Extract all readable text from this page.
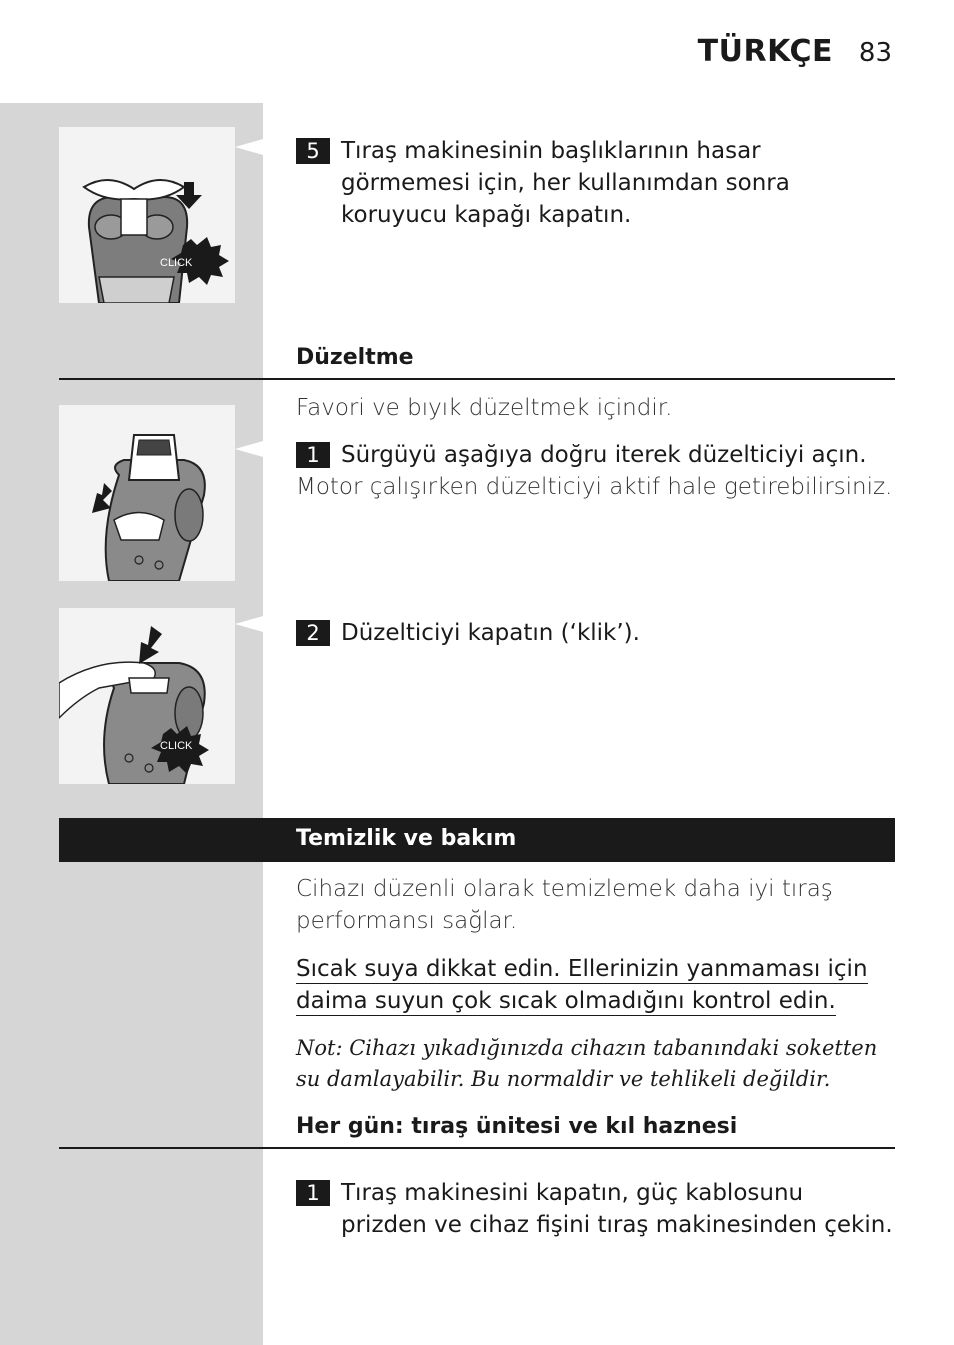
TÜRKÇE 83
CLICK
5 Tıraş makinesinin başlıklarının hasar görmemesi için, her kullanımdan sonra koruyucu kapağı kapatın.
Düzeltme
Favori ve bıyık düzeltmek içindir.
1 Sürgüyü aşağıya doğru iterek düzelticiyi açın.
Motor çalışırken düzelticiyi aktif hale getirebilirsiniz.
CLICK
2 Düzelticiyi kapatın (‘klik’).
Temizlik ve bakım
Cihazı düzenli olarak temizlemek daha iyi tıraş
performansı sağlar.
Sıcak suya dikkat edin. Ellerinizin yanmaması için
daima suyun çok sıcak olmadığını kontrol edin.
Not: Cihazı yıkadığınızda cihazın tabanındaki soketten
su damlayabilir. Bu normaldir ve tehlikeli değildir.
Her gün: tıraş ünitesi ve kıl haznesi
1 Tıraş makinesini kapatın, güç kablosunu prizden ve cihaz fişini tıraş makinesinden çekin.
